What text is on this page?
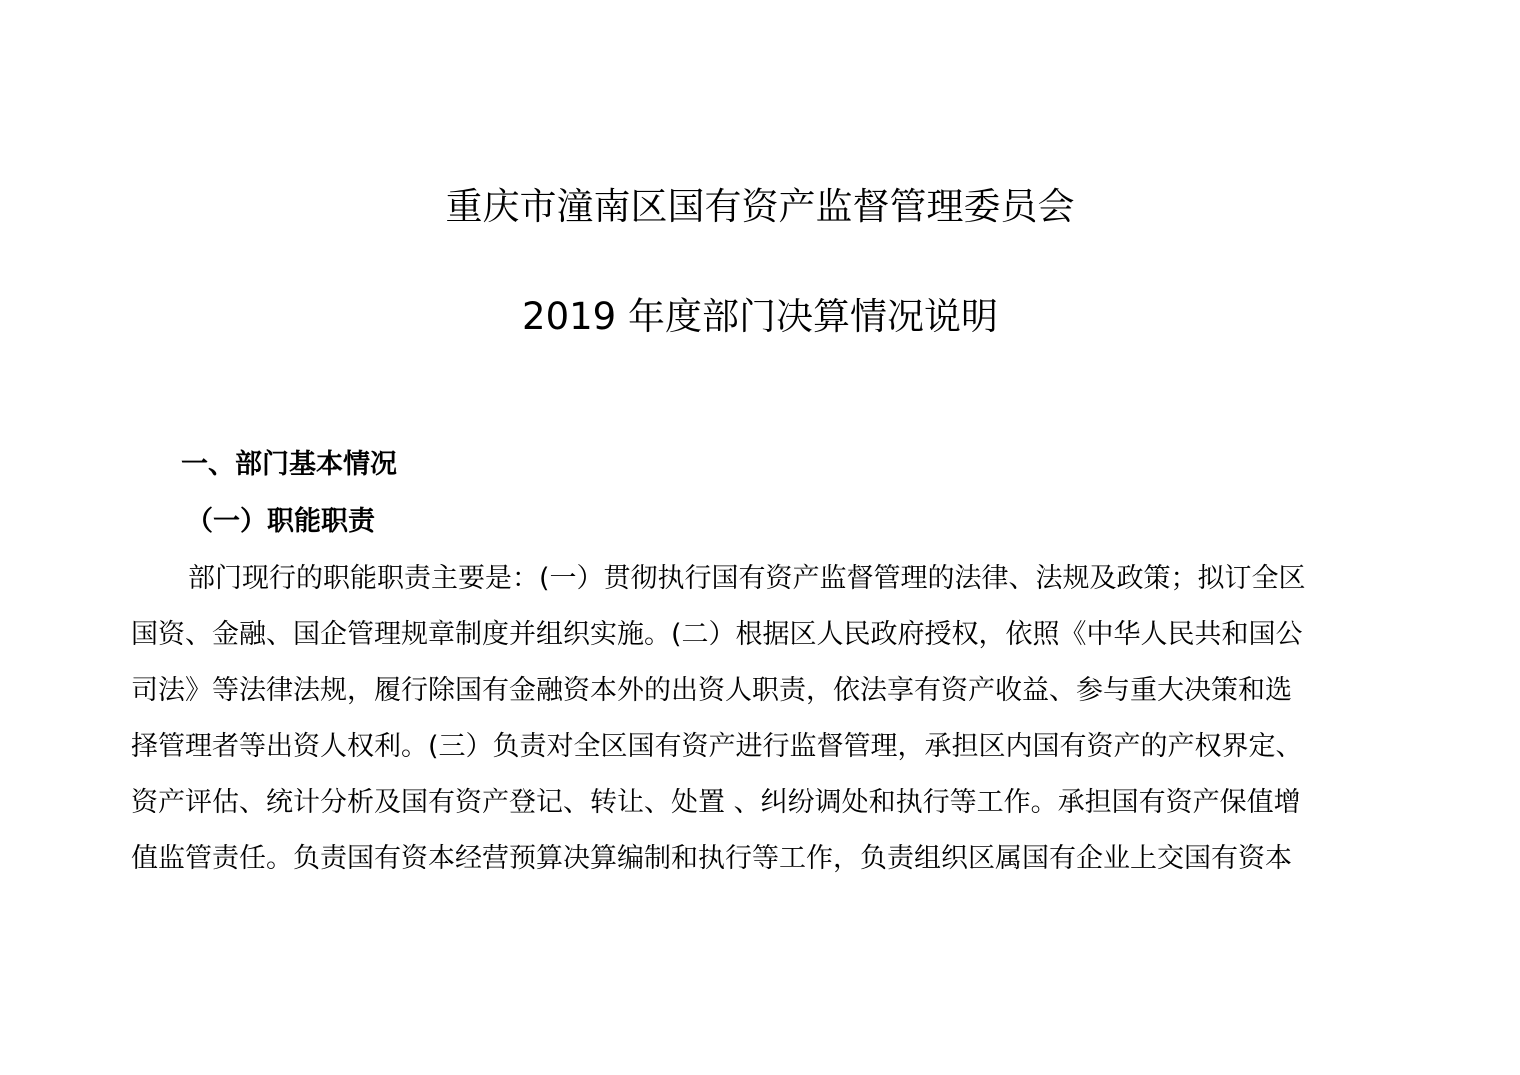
重庆市潼南区国有资产监督管理委员会
2019 年度部门决算情况说明
一、部门基本情况
（一）职能职责

部门现行的职能职责主要是：(一）贯彻执行国有资产监督管理的法律、法规及政策；拟订全区

国资、金融、国企管理规章制度并组织实施。(二）根据区人民政府授权，依照《中华人民共和国公

司法》等法律法规，履行除国有金融资本外的出资人职责，依法享有资产收益、参与重大决策和选

择管理者等出资人权利。(三）负责对全区国有资产进行监督管理，承担区内国有资产的产权界定、

资产评估、统计分析及国有资产登记、转让、处置 、纠纷调处和执行等工作。承担国有资产保值增

值监管责任。负责国有资本经营预算决算编制和执行等工作，负责组织区属国有企业上交国有资本
